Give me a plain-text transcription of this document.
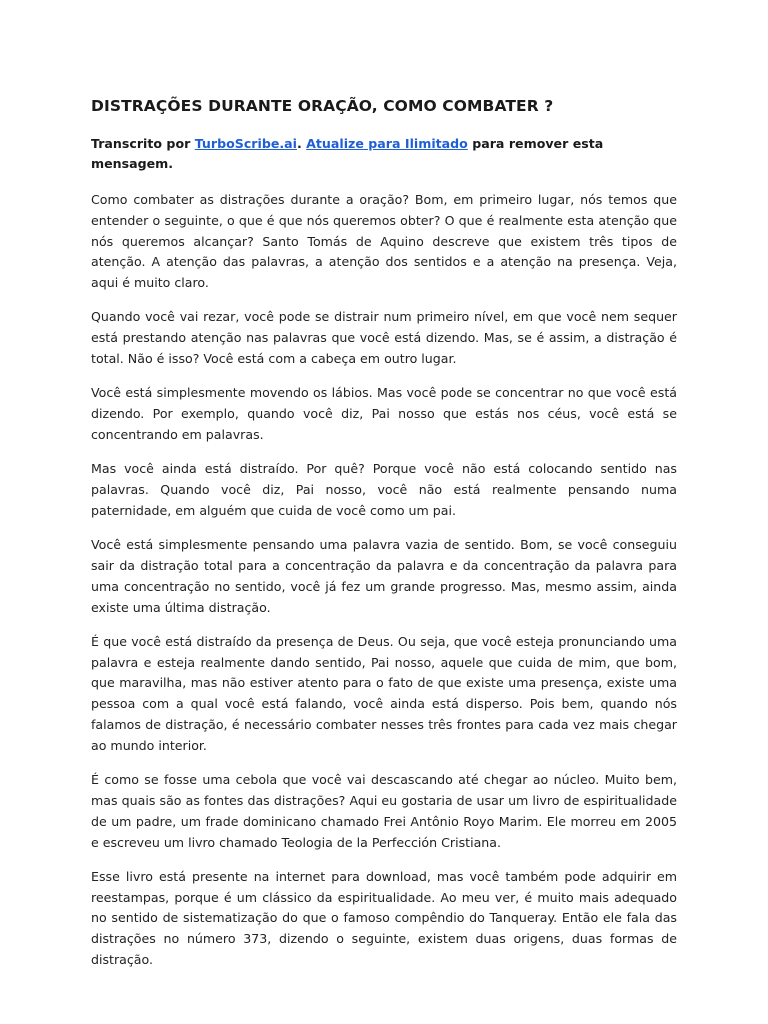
DISTRAÇÕES DURANTE ORAÇÃO, COMO COMBATER ?

Transcrito por TurboScribe.ai. Atualize para Ilimitado para remover esta mensagem.

Como combater as distrações durante a oração? Bom, em primeiro lugar, nós temos que entender o seguinte, o que é que nós queremos obter? O que é realmente esta atenção que nós queremos alcançar? Santo Tomás de Aquino descreve que existem três tipos de atenção. A atenção das palavras, a atenção dos sentidos e a atenção na presença. Veja, aqui é muito claro.

Quando você vai rezar, você pode se distrair num primeiro nível, em que você nem sequer está prestando atenção nas palavras que você está dizendo. Mas, se é assim, a distração é total. Não é isso? Você está com a cabeça em outro lugar.

Você está simplesmente movendo os lábios. Mas você pode se concentrar no que você está dizendo. Por exemplo, quando você diz, Pai nosso que estás nos céus, você está se concentrando em palavras.

Mas você ainda está distraído. Por quê? Porque você não está colocando sentido nas palavras. Quando você diz, Pai nosso, você não está realmente pensando numa paternidade, em alguém que cuida de você como um pai.

Você está simplesmente pensando uma palavra vazia de sentido. Bom, se você conseguiu sair da distração total para a concentração da palavra e da concentração da palavra para uma concentração no sentido, você já fez um grande progresso. Mas, mesmo assim, ainda existe uma última distração.

É que você está distraído da presença de Deus. Ou seja, que você esteja pronunciando uma palavra e esteja realmente dando sentido, Pai nosso, aquele que cuida de mim, que bom, que maravilha, mas não estiver atento para o fato de que existe uma presença, existe uma pessoa com a qual você está falando, você ainda está disperso. Pois bem, quando nós falamos de distração, é necessário combater nesses três frontes para cada vez mais chegar ao mundo interior.

É como se fosse uma cebola que você vai descascando até chegar ao núcleo. Muito bem, mas quais são as fontes das distrações? Aqui eu gostaria de usar um livro de espiritualidade de um padre, um frade dominicano chamado Frei Antônio Royo Marim. Ele morreu em 2005 e escreveu um livro chamado Teologia de la Perfección Cristiana.

Esse livro está presente na internet para download, mas você também pode adquirir em reestampas, porque é um clássico da espiritualidade. Ao meu ver, é muito mais adequado no sentido de sistematização do que o famoso compêndio do Tanqueray. Então ele fala das distrações no número 373, dizendo o seguinte, existem duas origens, duas formas de distração.
